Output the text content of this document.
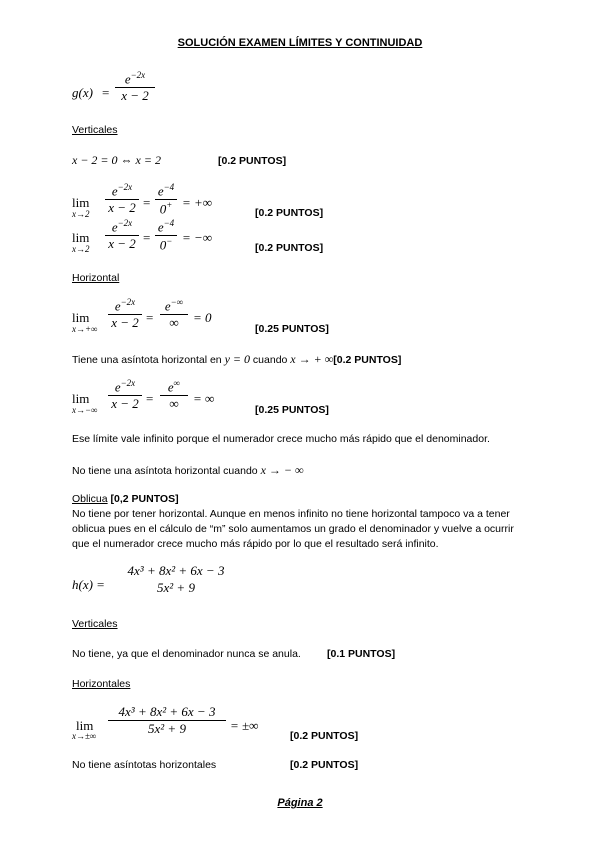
SOLUCIÓN EXAMEN LÍMITES Y CONTINUIDAD
g(x) =
$e^{-2x}$
x − 2
Verticales
x − 2 = 0 ⇔ x = 2	[0.2 PUNTOS]
lim
x→2
$e^{-2x}$
x − 2 =
$e^{-4}$
0+ = +∞
[0.2 PUNTOS]
lim
x→2
$e^{-2x}$
x − 2 =
$e^{-4}$
0− = −∞
[0.2 PUNTOS]
Horizontal
lim
x→+∞
$e^{-2x}$
x − 2 =
e−∞
∞	= 0
[0.25 PUNTOS]
Tiene una asíntota horizontal en y = 0 cuando x → + ∞[0.2 PUNTOS]
lim
x→−∞
$e^{-2x}$
x − 2 =
e∞
∞	= ∞
[0.25 PUNTOS]
Ese límite vale infinito porque el numerador crece mucho más rápido que el denominador.
No tiene una asíntota horizontal cuando x → − ∞
Oblicua [0,2 PUNTOS]
No tiene por tener horizontal. Aunque en menos infinito no tiene horizontal tampoco va a tener oblicua pues en el cálculo de “m” solo aumentamos un grado el denominador y vuelve a ocurrir que el numerador crece mucho más rápido por lo que el resultado será infinito.
h(x) =
4x³ + 8x² + 6x − 3
5x² + 9
Verticales
No tiene, ya que el denominador nunca se anula. [0.1 PUNTOS]
Horizontales
lim
x→±∞
4x³ + 8x² + 6x − 3
5x² + 9	= ±∞
[0.2 PUNTOS]
No tiene asíntotas horizontales	[0.2 PUNTOS]
Página 2
